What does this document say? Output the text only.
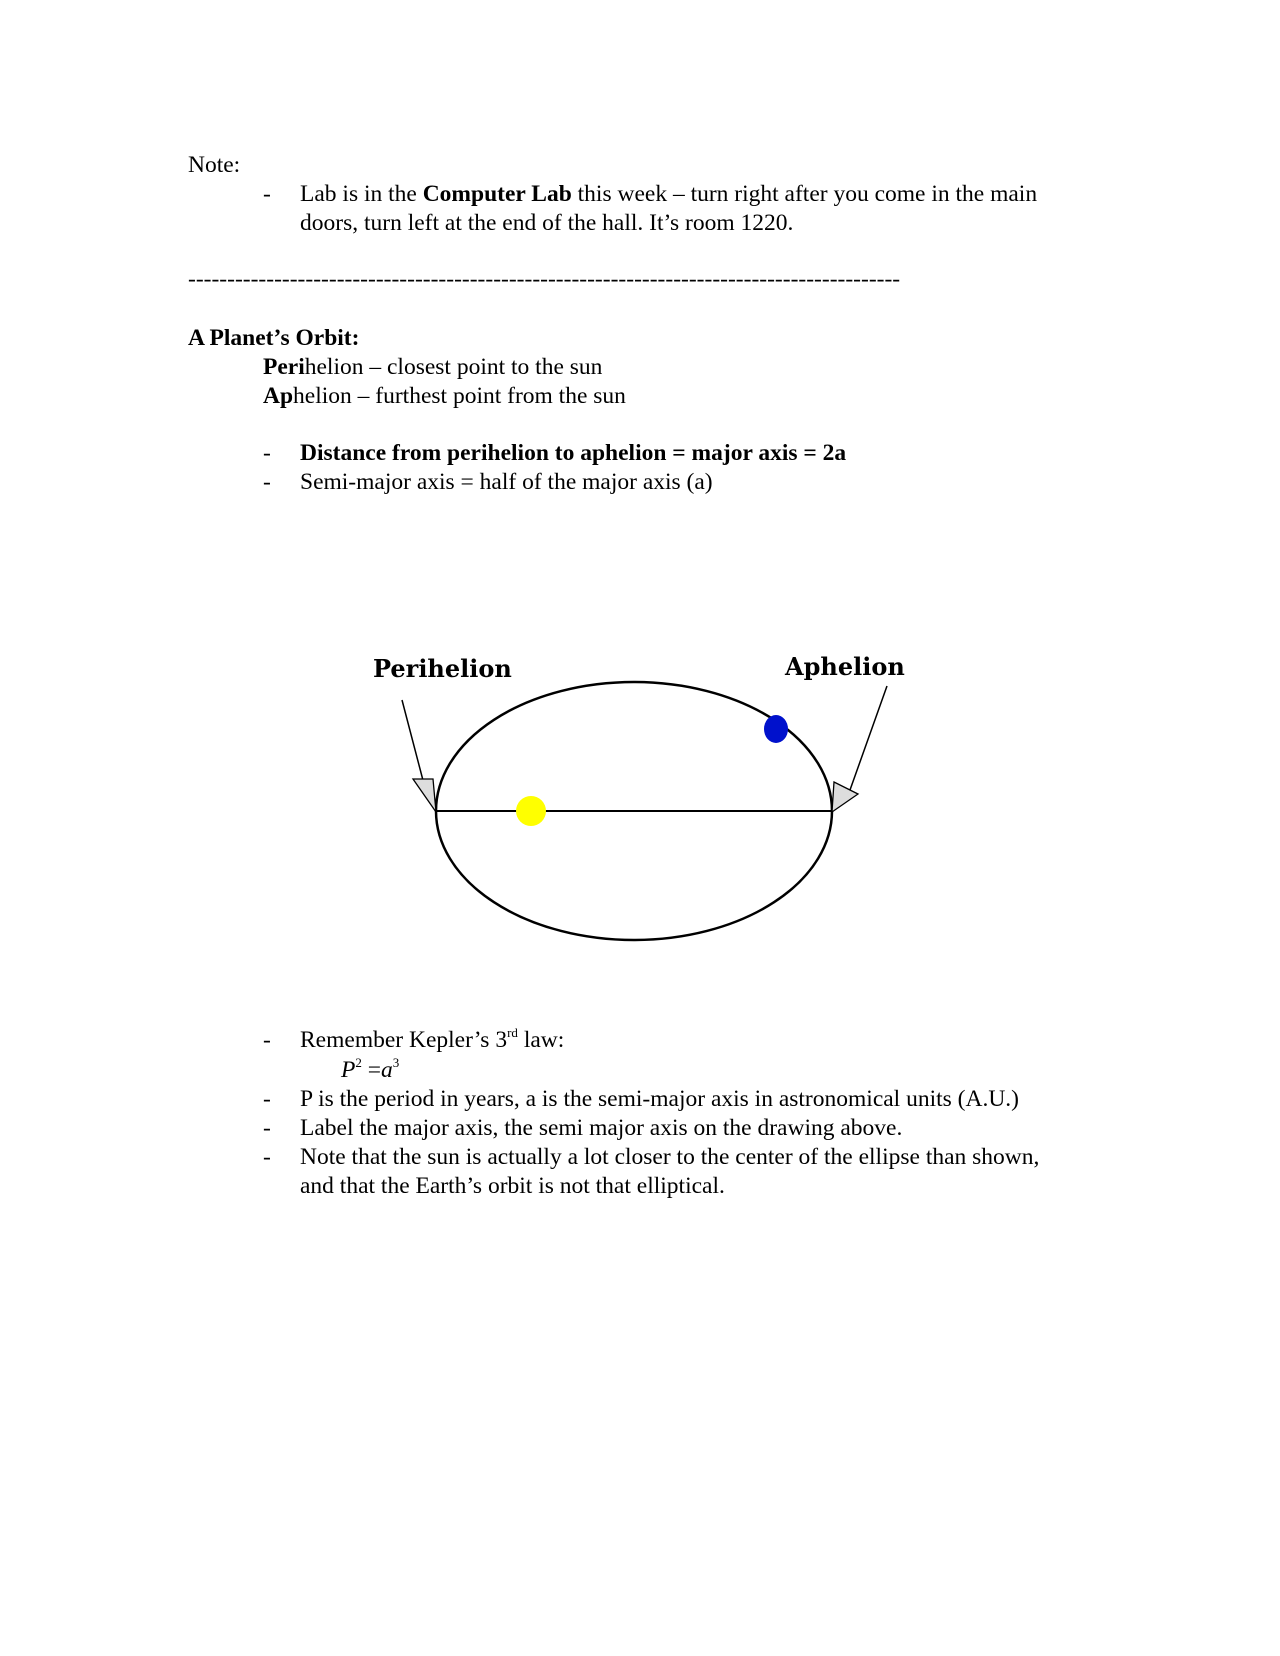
Note:
- Lab is in the Computer Lab this week – turn right after you come in the main
doors, turn left at the end of the hall. It’s room 1220.
-------------------------------------------------------------------------------------------
A Planet’s Orbit:
Perihelion – closest point to the sun
Aphelion – furthest point from the sun
- Distance from perihelion to aphelion = major axis = 2a
- Semi-major axis = half of the major axis (a)
Perihelion	Aphelion
- Remember Kepler’s 3rd law:
$P^2 =a^3$
- P is the period in years, a is the semi-major axis in astronomical units (A.U.)
- Label the major axis, the semi major axis on the drawing above.
- Note that the sun is actually a lot closer to the center of the ellipse than shown,
and that the Earth’s orbit is not that elliptical.
